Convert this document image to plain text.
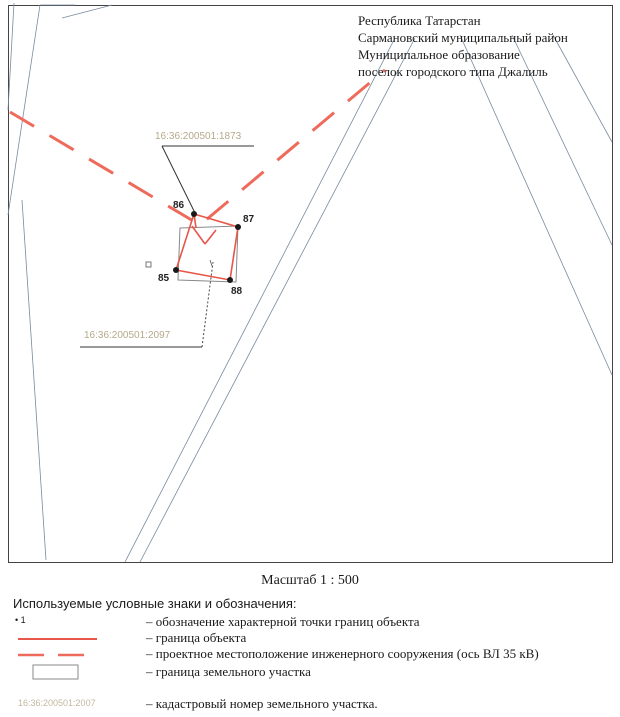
86
87
85
88
16:36:200501:1873
16:36:200501:2097
Республика Татарстан
Сармановский муниципальный район
Муниципальное образование
поселок городского типа Джалиль
Масштаб 1 : 500
Используемые условные знаки и обозначения:
• 1	– обозначение характерной точки границ объекта
– граница объекта
– проектное местоположение инженерного сооружения (ось ВЛ 35 кВ)
– граница земельного участка
16:36:200501:2007	– кадастровый номер земельного участка.
